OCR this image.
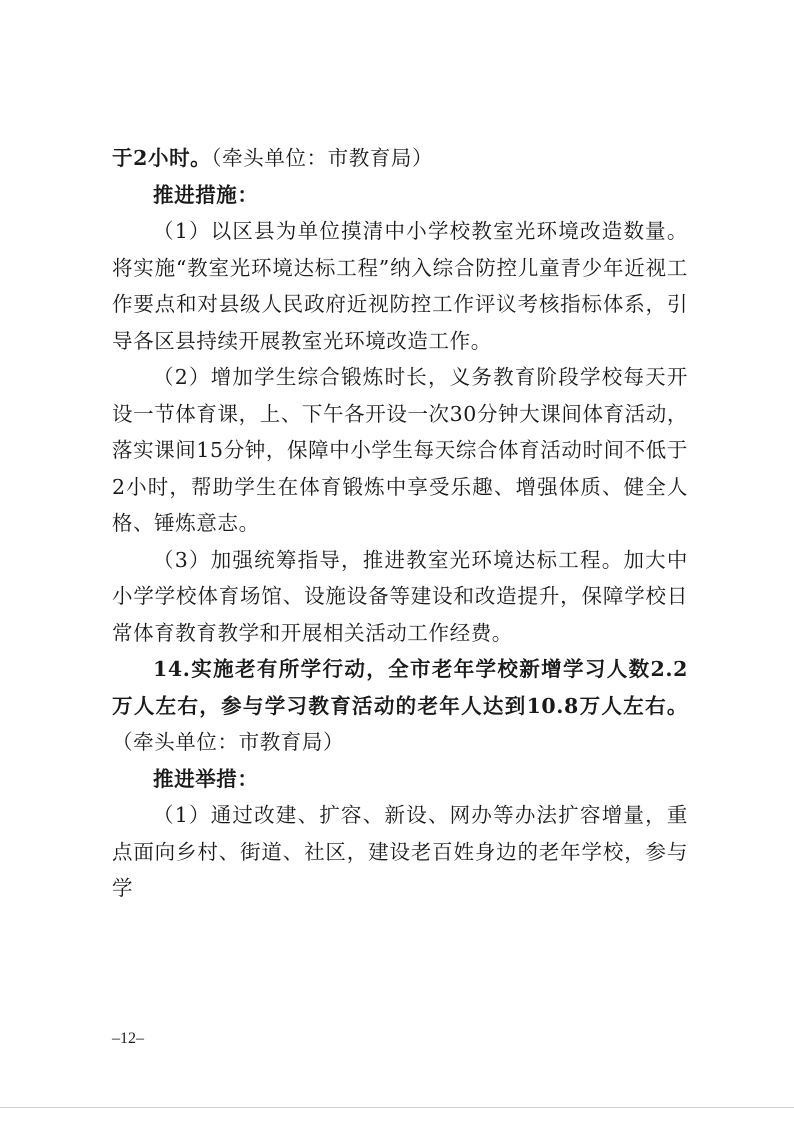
于2小时。（牵头单位：市教育局）

推进措施：

（1）以区县为单位摸清中小学校教室光环境改造数量。将实施“教室光环境达标工程”纳入综合防控儿童青少年近视工作要点和对县级人民政府近视防控工作评议考核指标体系，引导各区县持续开展教室光环境改造工作。

（2）增加学生综合锻炼时长，义务教育阶段学校每天开设一节体育课，上、下午各开设一次30分钟大课间体育活动，落实课间15分钟，保障中小学生每天综合体育活动时间不低于2小时，帮助学生在体育锻炼中享受乐趣、增强体质、健全人格、锤炼意志。

（3）加强统筹指导，推进教室光环境达标工程。加大中小学学校体育场馆、设施设备等建设和改造提升，保障学校日常体育教育教学和开展相关活动工作经费。

14.实施老有所学行动，全市老年学校新增学习人数2.2万人左右，参与学习教育活动的老年人达到10.8万人左右。（牵头单位：市教育局）

推进举措：

（1）通过改建、扩容、新设、网办等办法扩容增量，重点面向乡村、街道、社区，建设老百姓身边的老年学校，参与学

–12–
